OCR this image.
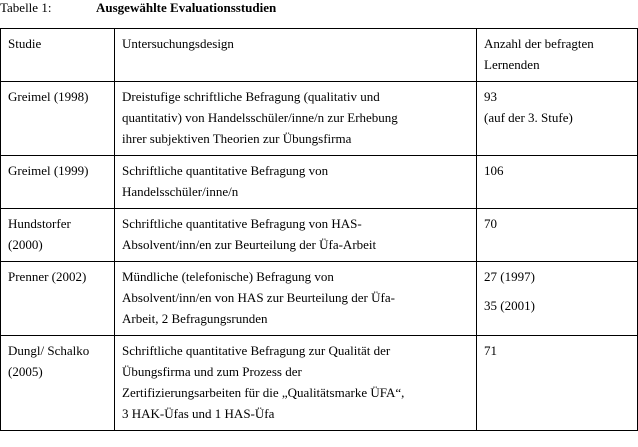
Tabelle 1:	Ausgewählte Evaluationsstudien
Studie	Untersuchungsdesign	Anzahl der befragten
Lernenden

Greimel (1998)	Dreistufige schriftliche Befragung (qualitativ und
quantitativ) von Handelsschüler/inne/n zur Erhebung
ihrer subjektiven Theorien zur Übungsfirma	93
(auf der 3. Stufe)

Greimel (1999)	Schriftliche quantitative Befragung von
Handelsschüler/inne/n	106

Hundstorfer
(2000)	Schriftliche quantitative Befragung von HAS-
Absolvent/inn/en zur Beurteilung der Üfa-Arbeit	70

Prenner (2002)	Mündliche (telefonische) Befragung von
Absolvent/inn/en von HAS zur Beurteilung der Üfa-
Arbeit, 2 Befragungsrunden	27 (1997)
35 (2001)

Dungl/ Schalko
(2005)	Schriftliche quantitative Befragung zur Qualität der
Übungsfirma und zum Prozess der
Zertifizierungsarbeiten für die „Qualitätsmarke ÜFA“,
3 HAK-Üfas und 1 HAS-Üfa	71
